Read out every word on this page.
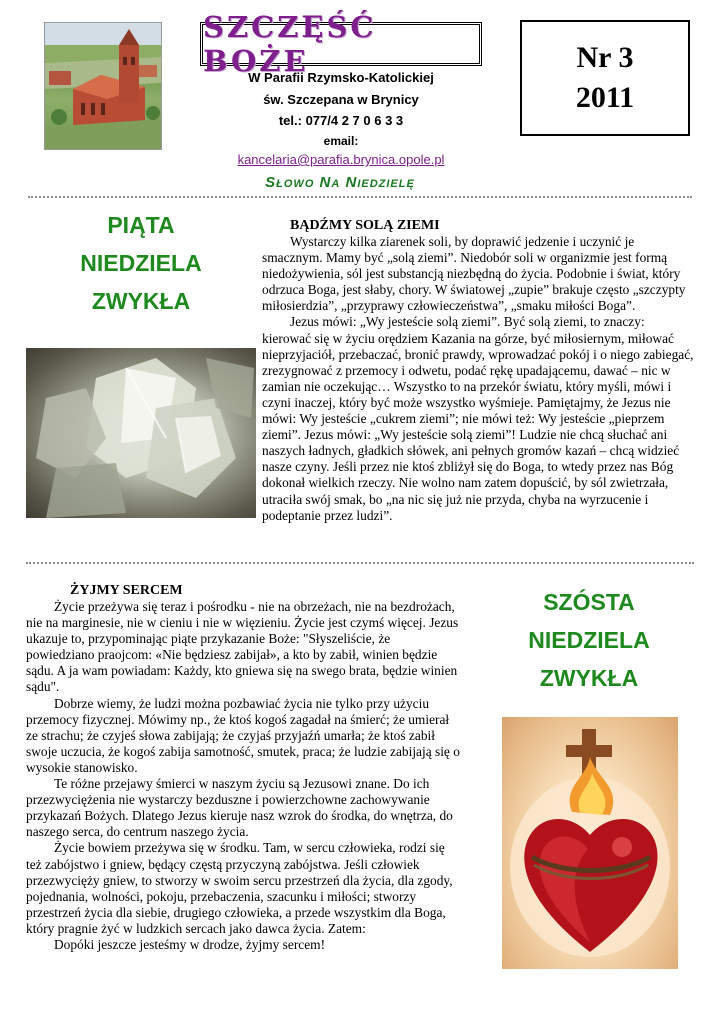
SZCZĘŚĆ BOŻE	Nr 3
2011
W Parafii Rzymsko-Katolickiej
św. Szczepana w Brynicy
tel.: 077/4 2 7 0 6 3 3
email:
kancelaria@parafia.brynica.opole.pl
Słowo Na Niedzielę
PIĄTA
NIEDZIELA
ZWYKŁA
BĄDŹMY SOLĄ ZIEMI

Wystarczy kilka ziarenek soli, by doprawić jedzenie i uczynić je smacznym. Mamy być „solą ziemi”. Niedobór soli w organizmie jest formą niedożywienia, sól jest substancją niezbędną do życia. Podobnie i świat, który odrzuca Boga, jest słaby, chory. W światowej „zupie” brakuje często „szczypty miłosierdzia”, „przyprawy człowieczeństwa”, „smaku miłości Boga”.

Jezus mówi: „Wy jesteście solą ziemi”. Być solą ziemi, to znaczy: kierować się w życiu orędziem Kazania na górze, być miłosiernym, miłować nieprzyjaciół, przebaczać, bronić prawdy, wprowadzać pokój i o niego zabiegać, zrezygnować z przemocy i odwetu, podać rękę upadającemu, dawać – nic w zamian nie oczekując… Wszystko to na przekór światu, który myśli, mówi i czyni inaczej, który być może wszystko wyśmieje. Pamiętajmy, że Jezus nie mówi: Wy jesteście „cukrem ziemi”; nie mówi też: Wy jesteście „pieprzem ziemi”. Jezus mówi: „Wy jesteście solą ziemi”! Ludzie nie chcą słuchać ani naszych ładnych, gładkich słówek, ani pełnych gromów kazań – chcą widzieć nasze czyny. Jeśli przez nie ktoś zbliżył się do Boga, to wtedy przez nas Bóg dokonał wielkich rzeczy. Nie wolno nam zatem dopuścić, by sól zwietrzała, utraciła swój smak, bo „na nic się już nie przyda, chyba na wyrzucenie i podeptanie przez ludzi”.

ŻYJMY SERCEM

Życie przeżywa się teraz i pośrodku - nie na obrzeżach, nie na bezdrożach, nie na marginesie, nie w cieniu i nie w więzieniu. Życie jest czymś więcej. Jezus ukazuje to, przypominając piąte przykazanie Boże: "Słyszeliście, że powiedziano praojcom: «Nie będziesz zabijał», a kto by zabił, winien będzie sądu. A ja wam powiadam: Każdy, kto gniewa się na swego brata, będzie winien sądu".

Dobrze wiemy, że ludzi można pozbawiać życia nie tylko przy użyciu przemocy fizycznej. Mówimy np., że ktoś kogoś zagadał na śmierć; że umierał ze strachu; że czyjeś słowa zabijają; że czyjaś przyjaźń umarła; że ktoś zabił swoje uczucia, że kogoś zabija samotność, smutek, praca; że ludzie zabijają się o wysokie stanowisko.

Te różne przejawy śmierci w naszym życiu są Jezusowi znane. Do ich przezwyciężenia nie wystarczy bezduszne i powierzchowne zachowywanie przykazań Bożych. Dlatego Jezus kieruje nasz wzrok do środka, do wnętrza, do naszego serca, do centrum naszego życia.

Życie bowiem przeżywa się w środku. Tam, w sercu człowieka, rodzi się też zabójstwo i gniew, będący częstą przyczyną zabójstwa. Jeśli człowiek przezwycięży gniew, to stworzy w swoim sercu przestrzeń dla życia, dla zgody, pojednania, wolności, pokoju, przebaczenia, szacunku i miłości; stworzy przestrzeń życia dla siebie, drugiego człowieka, a przede wszystkim dla Boga, który pragnie żyć w ludzkich sercach jako dawca życia. Zatem:

Dopóki jeszcze jesteśmy w drodze, żyjmy sercem!

SZÓSTA
NIEDZIELA
ZWYKŁA
